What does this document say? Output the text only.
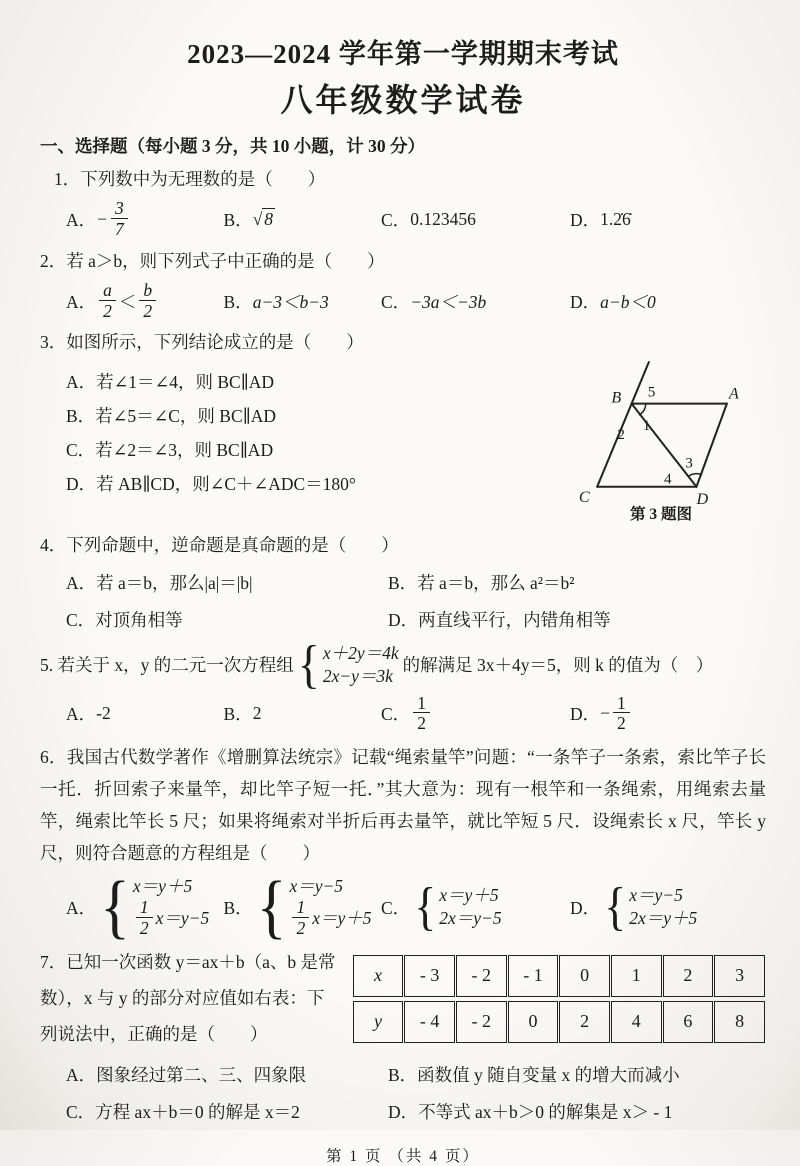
2023—2024 学年第一学期期末考试
八年级数学试卷
一、选择题（每小题 3 分，共 10 小题，计 30 分）
1．下列数中为无理数的是（　　）
A． − $\frac{3}{7}$	B． √ 8	C． 0.123456	D． 1.2̇6̇
2．若 a＞b，则下列式子中正确的是（　　）
A． $\frac{a}{2} < \frac{b}{2}$	B． a−3＜b−3	C． −3a＜−3b	D． a−b＜0
3．如图所示，下列结论成立的是（　　）
A．若∠1＝∠4，则 BC∥AD
B．若∠5＝∠C，则 BC∥AD
C．若∠2＝∠3，则 BC∥AD
D．若 AB∥CD，则∠C＋∠ADC＝180°
B	A
C	D
5
1
2
3
4
第 3 题图
4．下列命题中，逆命题是真命题的是（　　）
A．若 a＝b，那么|a|＝|b|	B．若 a＝b，那么 a²＝b²
C．对顶角相等	D．两直线平行，内错角相等
5. 若关于 x，y 的二元一次方程组 { x＋2y＝4k
2x−y＝3k
的解满足 3x＋4y＝5，则 k 的值为（　）
A． -2	B． 2	C． $\frac{1}{2}$	D． − $\frac{1}{2}$
6．我国古代数学著作《增删算法统宗》记载“绳索量竿”问题：“一条竿子一条索，索比竿子长一托．折回索子来量竿，却比竿子短一托．”其大意为：现有一根竿和一条绳索，用绳索去量竿，绳索比竿长 5 尺；如果将绳索对半折后再去量竿，就比竿短 5 尺．设绳索长 x 尺，竿长 y 尺，则符合题意的方程组是（　　）
A． { x＝y＋5
$\frac{1}{2} x=y-5$
B． { x＝y−5
$\frac{1}{2} x=y+5$
C． { x＝y＋5
2x＝y−5
D． { x＝y−5
2x＝y＋5
7．已知一次函数 y＝ax＋b（a、b 是常数），x 与 y 的部分对应值如右表：下列说法中，正确的是（　　）
x	- 3	- 2	- 1	0	1	2	3
y	- 4	- 2	0	2	4	6	8
A．图象经过第二、三、四象限	B．函数值 y 随自变量 x 的增大而减小
C．方程 ax＋b＝0 的解是 x＝2	D．不等式 ax＋b＞0 的解集是 x＞ - 1
第 1 页 （共 4 页）
